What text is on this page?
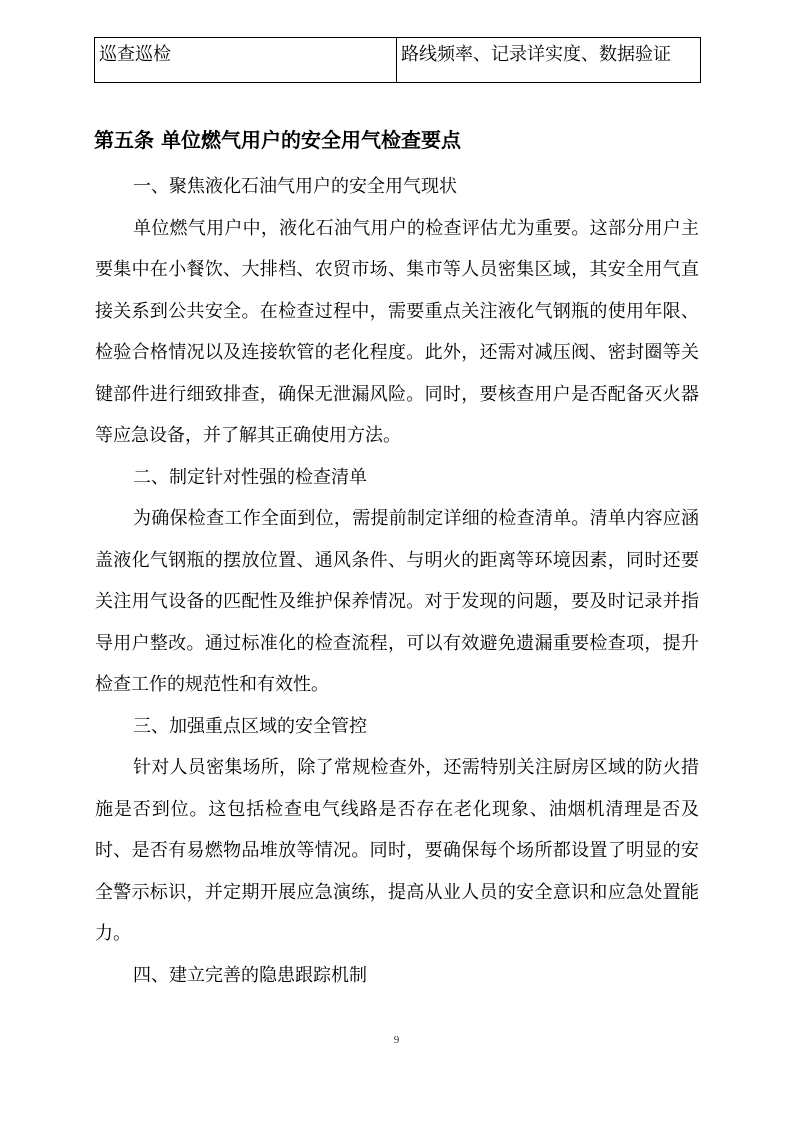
巡查巡检	路线频率、记录详实度、数据验证
第五条 单位燃气用户的安全用气检查要点

一、聚焦液化石油气用户的安全用气现状

单位燃气用户中，液化石油气用户的检查评估尤为重要。这部分用户主要集中在小餐饮、大排档、农贸市场、集市等人员密集区域，其安全用气直接关系到公共安全。在检查过程中，需要重点关注液化气钢瓶的使用年限、检验合格情况以及连接软管的老化程度。此外，还需对减压阀、密封圈等关键部件进行细致排查，确保无泄漏风险。同时，要核查用户是否配备灭火器等应急设备，并了解其正确使用方法。

二、制定针对性强的检查清单

为确保检查工作全面到位，需提前制定详细的检查清单。清单内容应涵盖液化气钢瓶的摆放位置、通风条件、与明火的距离等环境因素，同时还要关注用气设备的匹配性及维护保养情况。对于发现的问题，要及时记录并指导用户整改。通过标准化的检查流程，可以有效避免遗漏重要检查项，提升检查工作的规范性和有效性。

三、加强重点区域的安全管控

针对人员密集场所，除了常规检查外，还需特别关注厨房区域的防火措施是否到位。这包括检查电气线路是否存在老化现象、油烟机清理是否及时、是否有易燃物品堆放等情况。同时，要确保每个场所都设置了明显的安全警示标识，并定期开展应急演练，提高从业人员的安全意识和应急处置能力。

四、建立完善的隐患跟踪机制

9
